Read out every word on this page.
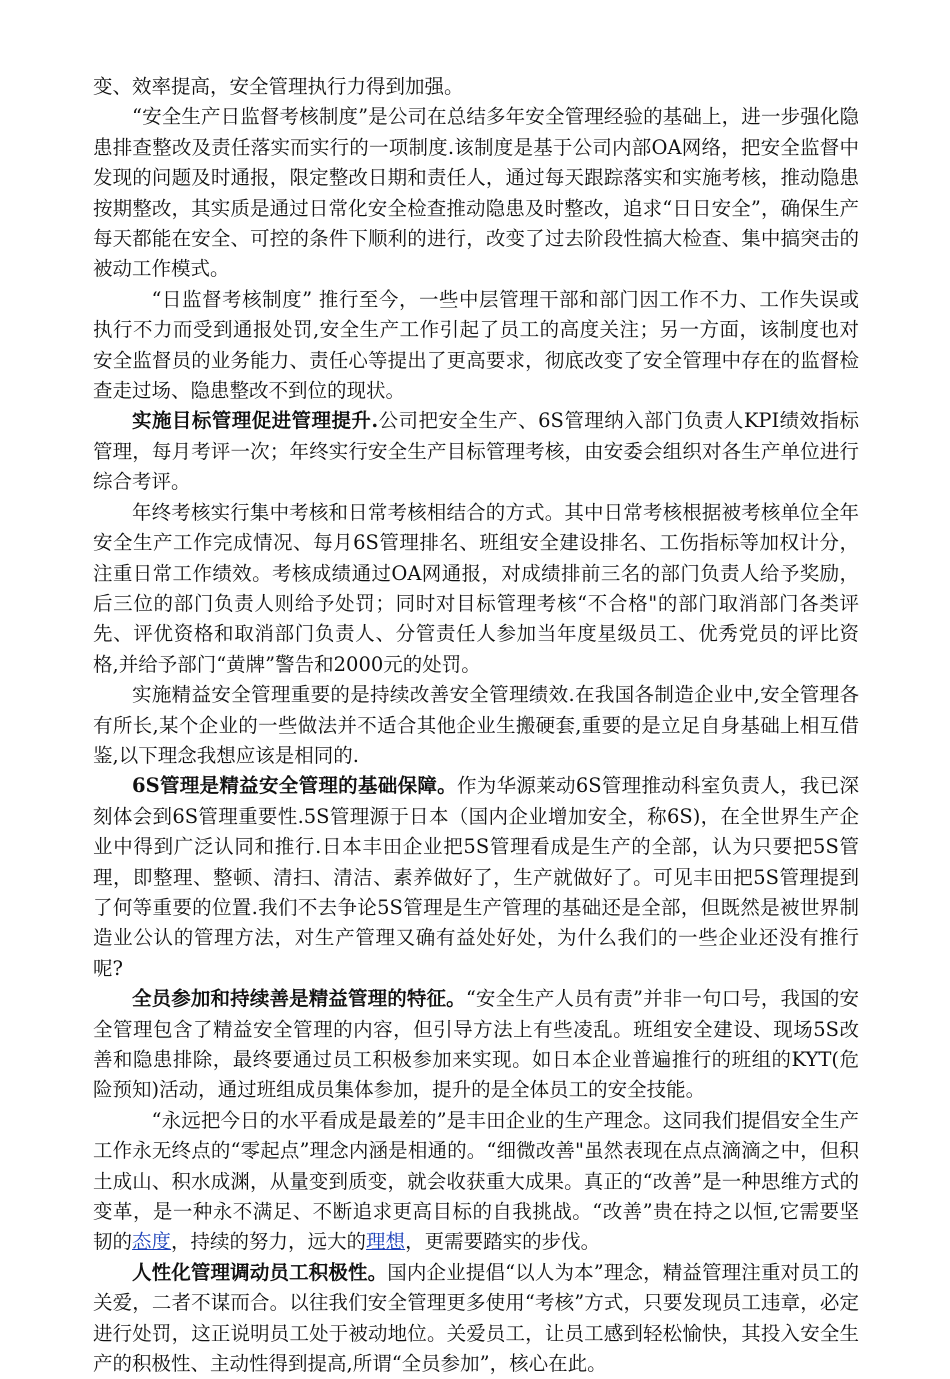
变、效率提高，安全管理执行力得到加强。

“安全生产日监督考核制度”是公司在总结多年安全管理经验的基础上，进一步强化隐患排查整改及责任落实而实行的一项制度.该制度是基于公司内部OA网络，把安全监督中发现的问题及时通报，限定整改日期和责任人，通过每天跟踪落实和实施考核，推动隐患按期整改，其实质是通过日常化安全检查推动隐患及时整改，追求“日日安全”，确保生产每天都能在安全、可控的条件下顺利的进行，改变了过去阶段性搞大检查、集中搞突击的被动工作模式。

“日监督考核制度” 推行至今，一些中层管理干部和部门因工作不力、工作失误或执行不力而受到通报处罚,安全生产工作引起了员工的高度关注；另一方面，该制度也对安全监督员的业务能力、责任心等提出了更高要求，彻底改变了安全管理中存在的监督检查走过场、隐患整改不到位的现状。

实施目标管理促进管理提升.公司把安全生产、6S管理纳入部门负责人KPI绩效指标管理，每月考评一次；年终实行安全生产目标管理考核，由安委会组织对各生产单位进行综合考评。

年终考核实行集中考核和日常考核相结合的方式。其中日常考核根据被考核单位全年安全生产工作完成情况、每月6S管理排名、班组安全建设排名、工伤指标等加权计分，注重日常工作绩效。考核成绩通过OA网通报，对成绩排前三名的部门负责人给予奖励，后三位的部门负责人则给予处罚；同时对目标管理考核“不合格"的部门取消部门各类评先、评优资格和取消部门负责人、分管责任人参加当年度星级员工、优秀党员的评比资格,并给予部门“黄牌”警告和2000元的处罚。

实施精益安全管理重要的是持续改善安全管理绩效.在我国各制造企业中,安全管理各有所长,某个企业的一些做法并不适合其他企业生搬硬套,重要的是立足自身基础上相互借鉴,以下理念我想应该是相同的.

6S管理是精益安全管理的基础保障。作为华源莱动6S管理推动科室负责人，我已深刻体会到6S管理重要性.5S管理源于日本（国内企业增加安全，称6S)，在全世界生产企业中得到广泛认同和推行.日本丰田企业把5S管理看成是生产的全部，认为只要把5S管理，即整理、整顿、清扫、清洁、素养做好了，生产就做好了。可见丰田把5S管理提到了何等重要的位置.我们不去争论5S管理是生产管理的基础还是全部，但既然是被世界制造业公认的管理方法，对生产管理又确有益处好处，为什么我们的一些企业还没有推行呢?

全员参加和持续善是精益管理的特征。“安全生产人员有责”并非一句口号，我国的安全管理包含了精益安全管理的内容，但引导方法上有些凌乱。班组安全建设、现场5S改善和隐患排除，最终要通过员工积极参加来实现。如日本企业普遍推行的班组的KYT(危险预知)活动，通过班组成员集体参加，提升的是全体员工的安全技能。

“永远把今日的水平看成是最差的”是丰田企业的生产理念。这同我们提倡安全生产工作永无终点的“零起点”理念内涵是相通的。“细微改善"虽然表现在点点滴滴之中，但积土成山、积水成渊，从量变到质变，就会收获重大成果。真正的“改善”是一种思维方式的变革，是一种永不满足、不断追求更高目标的自我挑战。“改善”贵在持之以恒,它需要坚韧的态度，持续的努力，远大的理想，更需要踏实的步伐。

人性化管理调动员工积极性。国内企业提倡“以人为本”理念，精益管理注重对员工的关爱，二者不谋而合。以往我们安全管理更多使用“考核”方式，只要发现员工违章，必定进行处罚，这正说明员工处于被动地位。关爱员工，让员工感到轻松愉快，其投入安全生产的积极性、主动性得到提高,所谓“全员参加”，核心在此。
